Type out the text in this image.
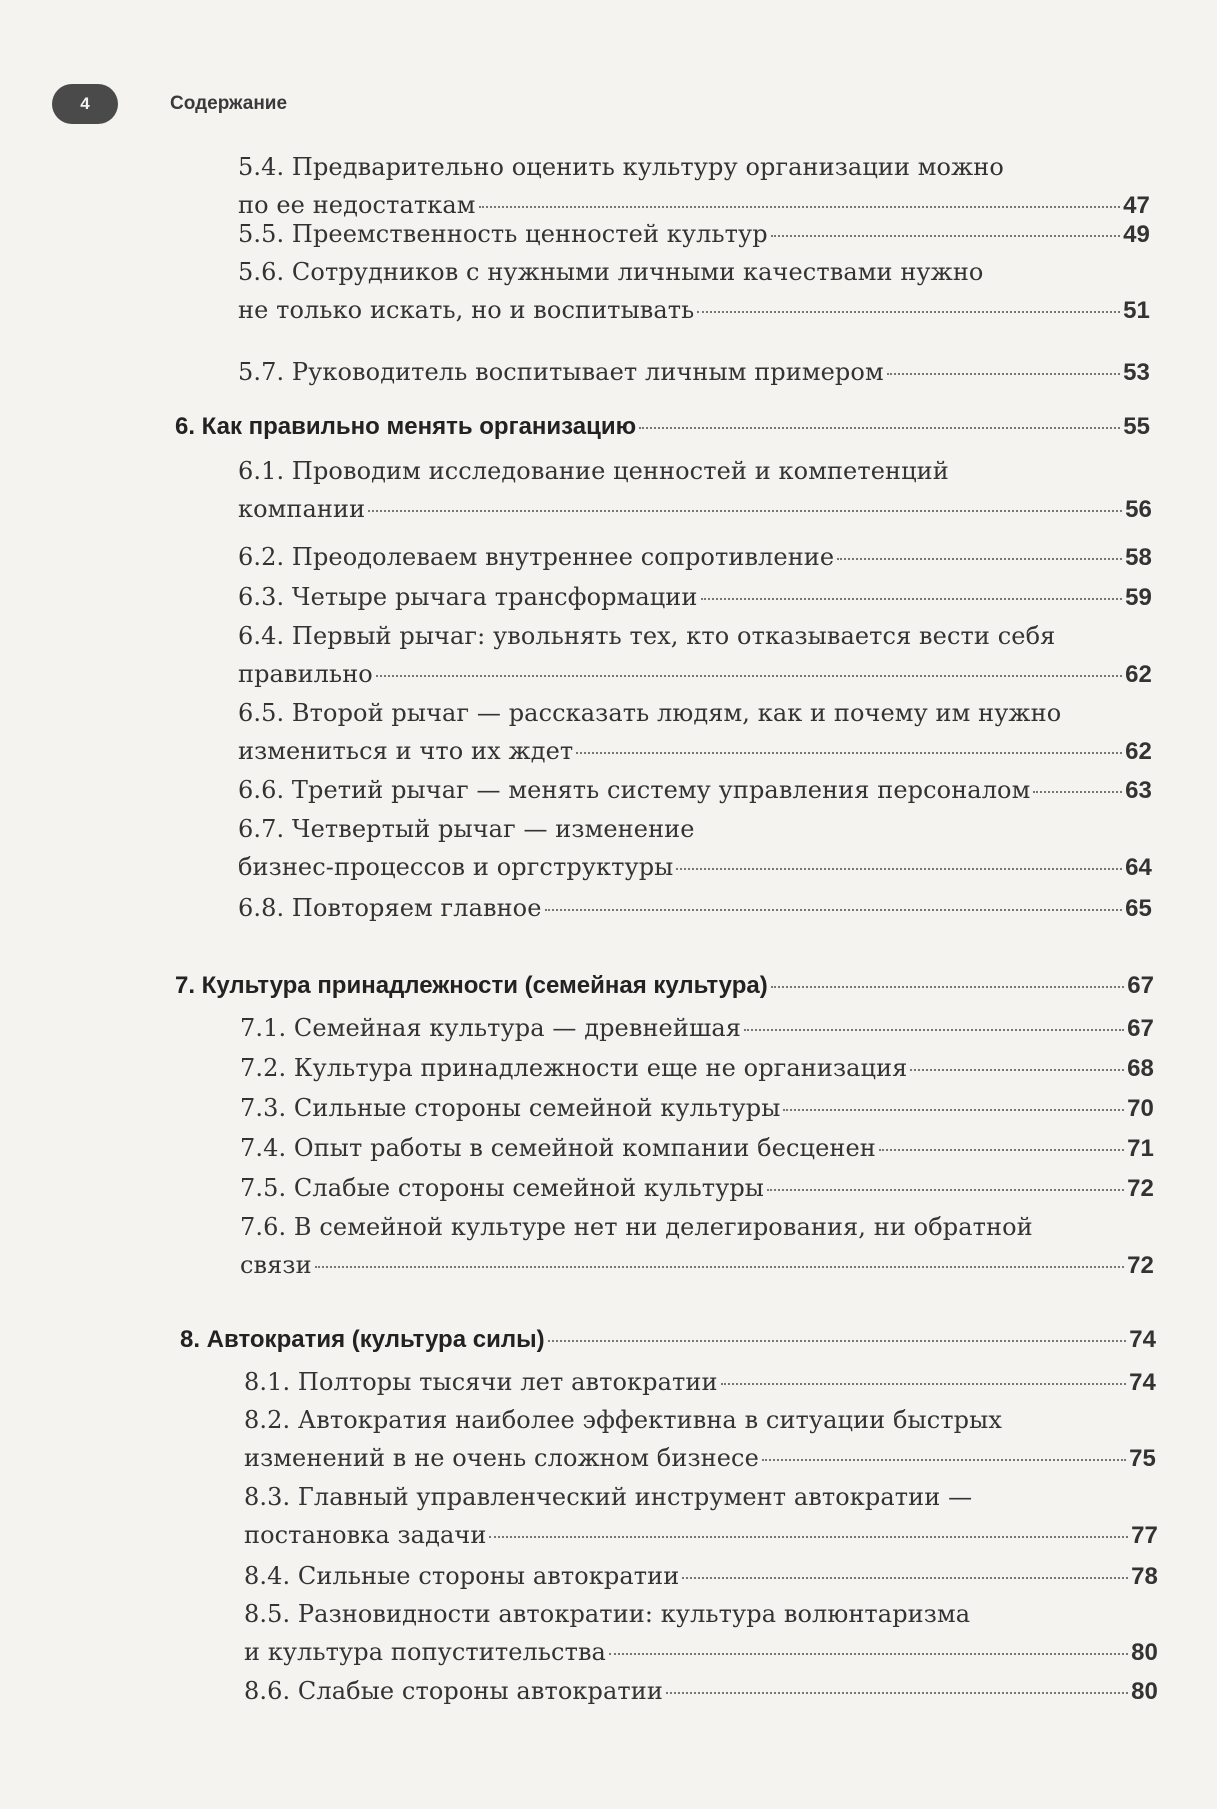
4	Содержание
5.4. Предварительно оценить культуру организации можно
по ее недостаткам	47
5.5. Преемственность ценностей культур	49
5.6. Сотрудников с нужными личными качествами нужно
не только искать, но и воспитывать	51
5.7. Руководитель воспитывает личным примером	53
6. Как правильно менять организацию	55
6.1. Проводим исследование ценностей и компетенций
компании	56
6.2. Преодолеваем внутреннее сопротивление	58
6.3. Четыре рычага трансформации	59
6.4. Первый рычаг: увольнять тех, кто отказывается вести себя
правильно	62
6.5. Второй рычаг — рассказать людям, как и почему им нужно
измениться и что их ждет	62
6.6. Третий рычаг — менять систему управления персоналом	63
6.7. Четвертый рычаг — изменение
бизнес-процессов и оргструктуры	64
6.8. Повторяем главное	65
7. Культура принадлежности (семейная культура)	67
7.1. Семейная культура — древнейшая	67
7.2. Культура принадлежности еще не организация	68
7.3. Сильные стороны семейной культуры	70
7.4. Опыт работы в семейной компании бесценен	71
7.5. Слабые стороны семейной культуры	72
7.6. В семейной культуре нет ни делегирования, ни обратной
связи	72
8. Автократия (культура силы)	74
8.1. Полторы тысячи лет автократии	74
8.2. Автократия наиболее эффективна в ситуации быстрых
изменений в не очень сложном бизнесе	75
8.3. Главный управленческий инструмент автократии —
постановка задачи	77
8.4. Сильные стороны автократии	78
8.5. Разновидности автократии: культура волюнтаризма
и культура попустительства	80
8.6. Слабые стороны автократии	80
